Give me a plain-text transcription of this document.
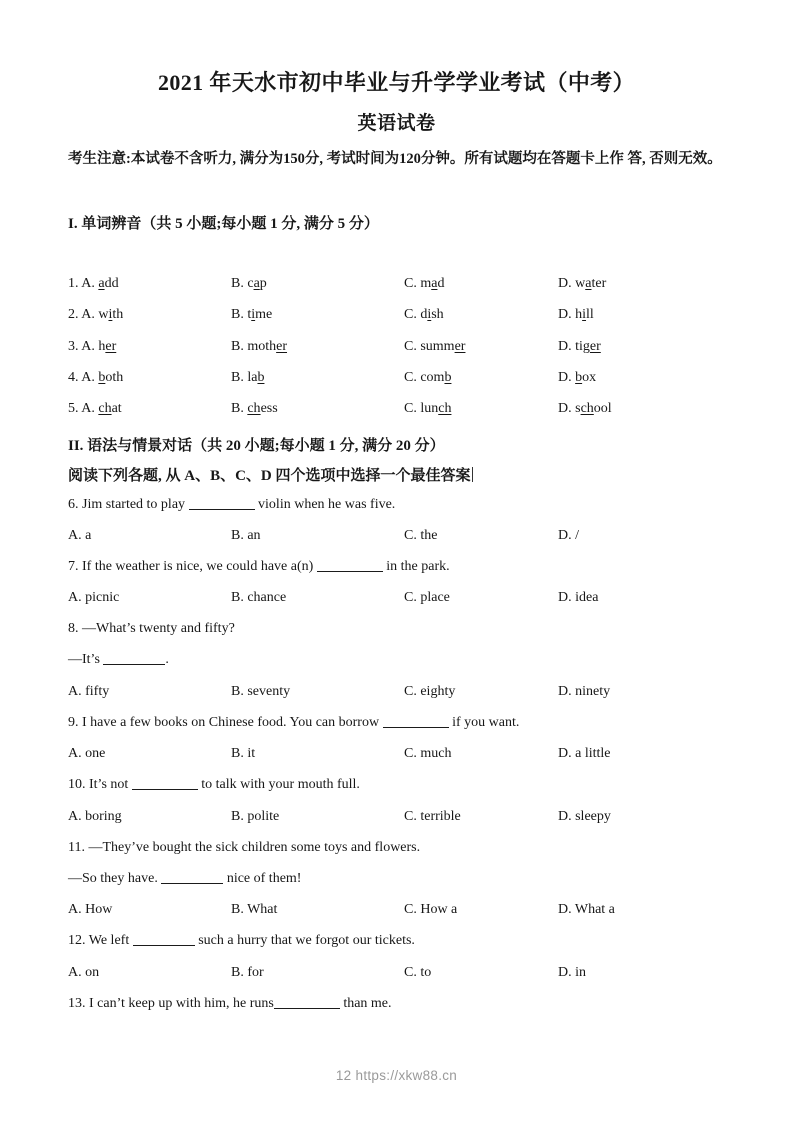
2021 年天水市初中毕业与升学学业考试（中考）
英语试卷
考生注意:本试卷不含听力, 满分为150分, 考试时间为120分钟。所有试题均在答题卡上作 答, 否则无效。
I. 单词辨音（共 5 小题;每小题 1 分, 满分 5 分）
1. A. add	B. cap	C. mad	D. water
2. A. with	B. time	C. dish	D. hill
3. A. her	B. mother	C. summer	D. tiger
4. A. both	B. lab	C. comb	D. box
5. A. chat	B. chess	C. lunch	D. school
II. 语法与情景对话（共 20 小题;每小题 1 分, 满分 20 分）
阅读下列各题, 从 A、B、C、D 四个选项中选择一个最佳答案
6. Jim started to play	violin when he was five.
A. a	B. an	C. the	D. /
7. If the weather is nice, we could have a(n)	in the park.
A. picnic	B. chance	C. place	D. idea
8. —What’s twenty and fifty?
—It’s	.
A. fifty	B. seventy	C. eighty	D. ninety
9. I have a few books on Chinese food. You can borrow	if you want.
A. one	B. it	C. much	D. a little
10. It’s not	to talk with your mouth full.
A. boring	B. polite	C. terrible	D. sleepy
11. —They’ve bought the sick children some toys and flowers.
—So they have.	nice of them!
A. How	B. What	C. How a	D. What a
12. We left	such a hurry that we forgot our tickets.
A. on	B. for	C. to	D. in
13. I can’t keep up with him, he runs	than me.
12 https://xkw88.cn
